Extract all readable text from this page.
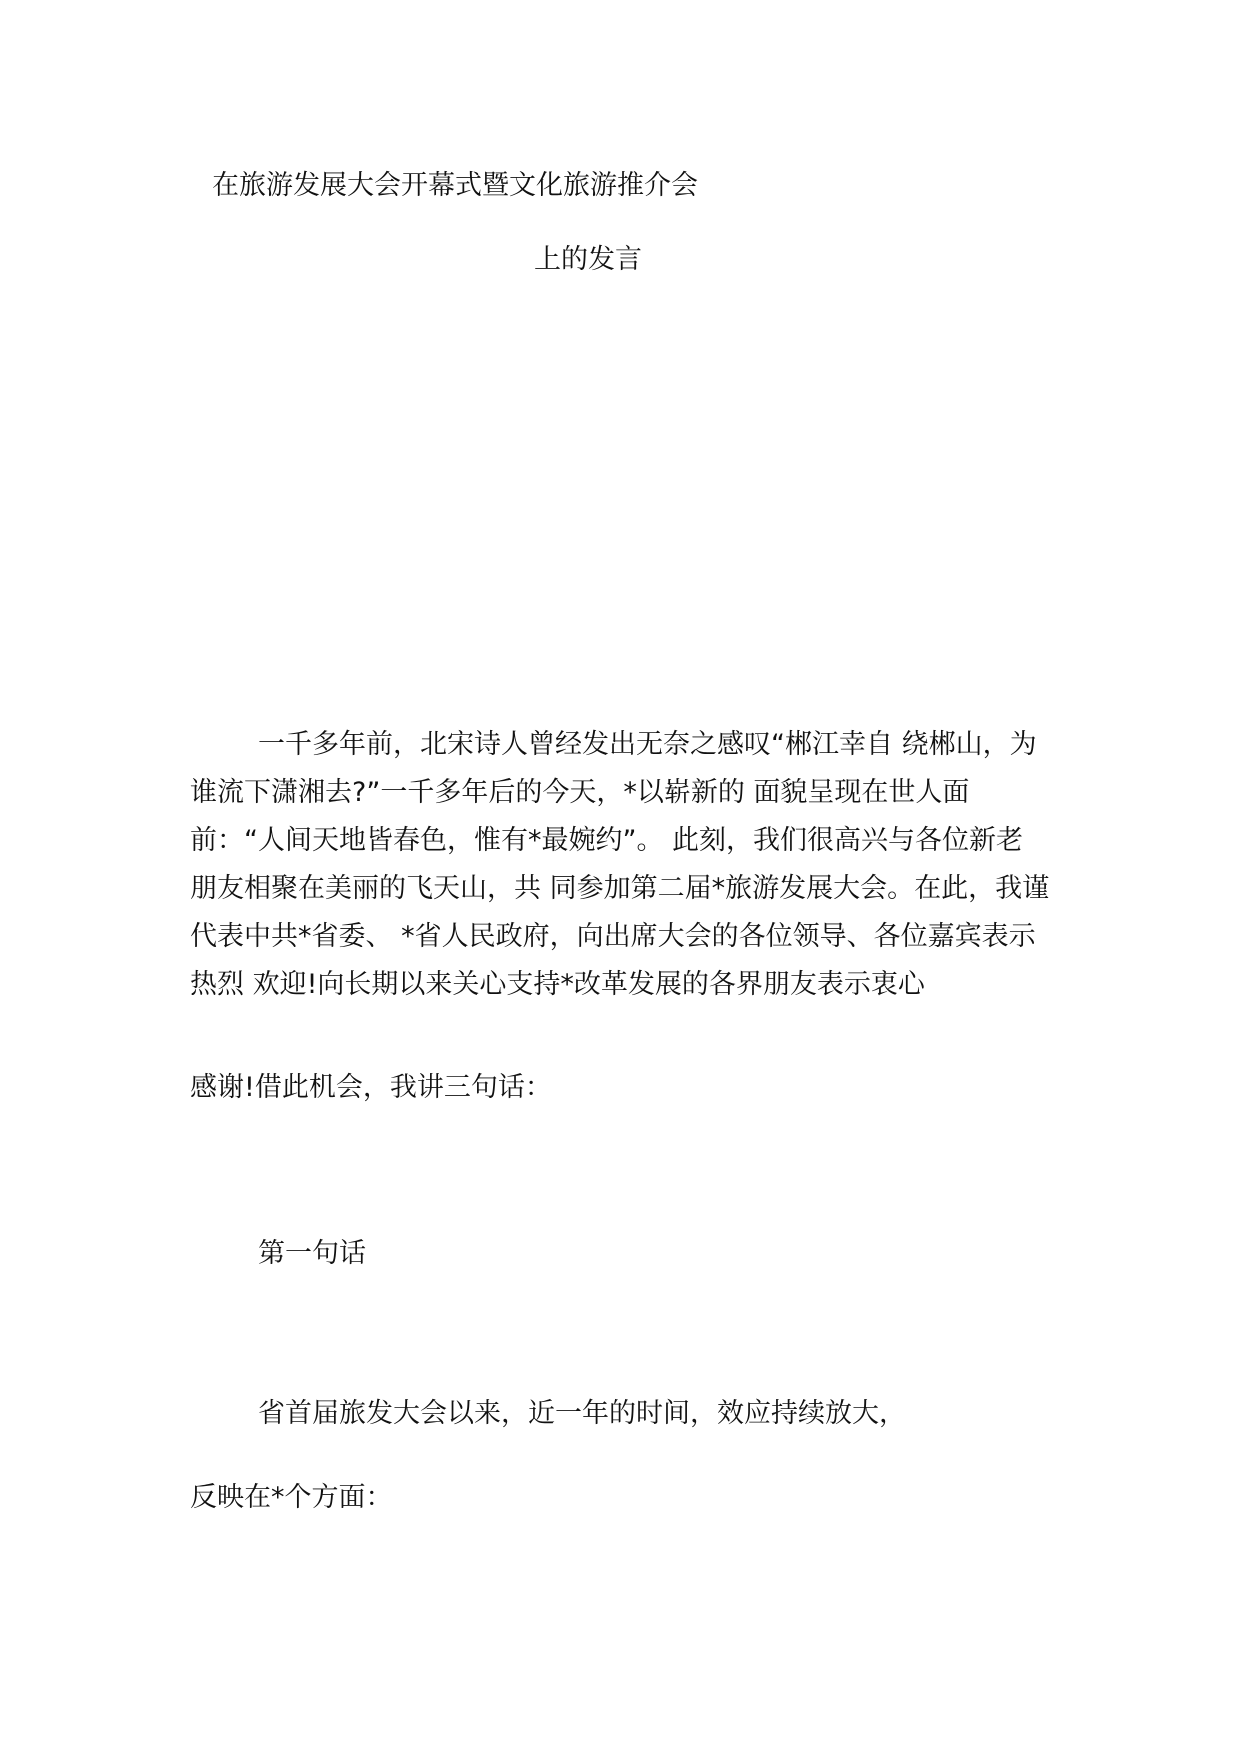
在旅游发展大会开幕式暨文化旅游推介会
上的发言

一千多年前，北宋诗人曾经发出无奈之感叹“郴江幸自 绕郴山，为谁流下潇湘去?”一千多年后的今天，*以崭新的 面貌呈现在世人面前：“人间天地皆春色，惟有*最婉约”。 此刻，我们很高兴与各位新老朋友相聚在美丽的飞天山，共 同参加第二届*旅游发展大会。在此，我谨代表中共*省委、 *省人民政府，向出席大会的各位领导、各位嘉宾表示热烈 欢迎!向长期以来关心支持*改革发展的各界朋友表示衷心

感谢!借此机会，我讲三句话：
第一句话
省首届旅发大会以来，近一年的时间，效应持续放大，
反映在*个方面：
